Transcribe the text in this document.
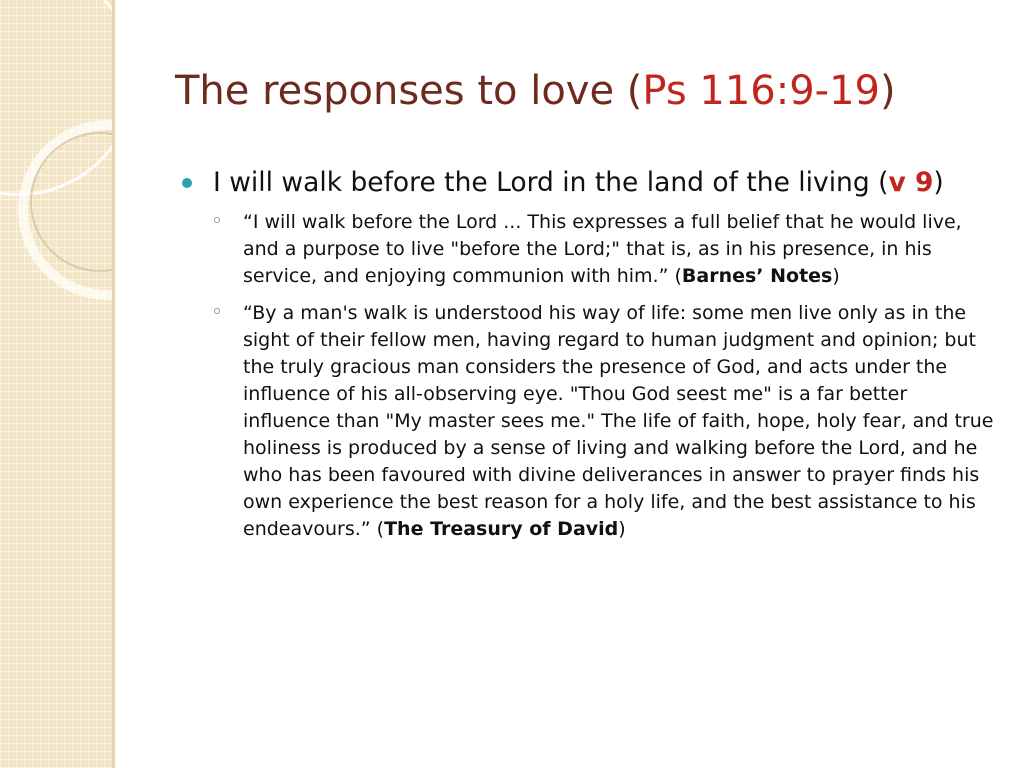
The responses to love (Ps 116:9-19)
I will walk before the Lord in the land of the living (v 9)
“I will walk before the Lord ... This expresses a full belief that he would live, and a purpose to live "before the Lord;" that is, as in his presence, in his service, and enjoying communion with him.” (Barnes’ Notes)
“By a man's walk is understood his way of life: some men live only as in the sight of their fellow men, having regard to human judgment and opinion; but the truly gracious man considers the presence of God, and acts under the influence of his all-observing eye. "Thou God seest me" is a far better influence than "My master sees me." The life of faith, hope, holy fear, and true holiness is produced by a sense of living and walking before the Lord, and he who has been favoured with divine deliverances in answer to prayer finds his own experience the best reason for a holy life, and the best assistance to his endeavours.” (The Treasury of David)
